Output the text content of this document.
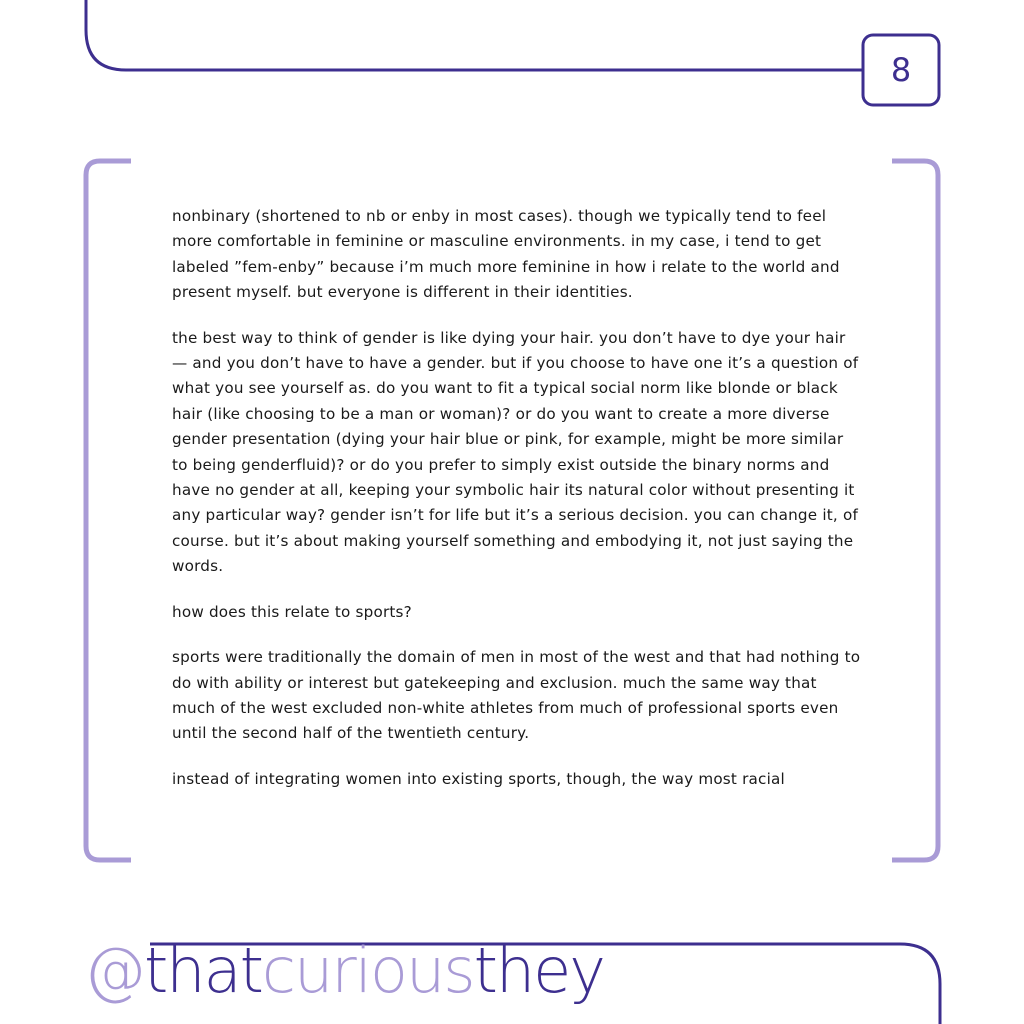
8

nonbinary (shortened to nb or enby in most cases). though we typically tend to feel more comfortable in feminine or masculine environments. in my case, i tend to get labeled ”fem-enby” because i’m much more feminine in how i relate to the world and present myself. but everyone is different in their identities.

the best way to think of gender is like dying your hair. you don’t have to dye your hair — and you don’t have to have a gender. but if you choose to have one it’s a question of what you see yourself as. do you want to fit a typical social norm like blonde or black hair (like choosing to be a man or woman)? or do you want to create a more diverse gender presentation (dying your hair blue or pink, for example, might be more similar to being genderfluid)? or do you prefer to simply exist outside the binary norms and have no gender at all, keeping your symbolic hair its natural color without presenting it any particular way? gender isn’t for life but it’s a serious decision. you can change it, of course. but it’s about making yourself something and embodying it, not just saying the words.

how does this relate to sports?

sports were traditionally the domain of men in most of the west and that had nothing to do with ability or interest but gatekeeping and exclusion. much the same way that much of the west excluded non-white athletes from much of professional sports even until the second half of the twentieth century.

instead of integrating women into existing sports, though, the way most racial

@ that curious they
